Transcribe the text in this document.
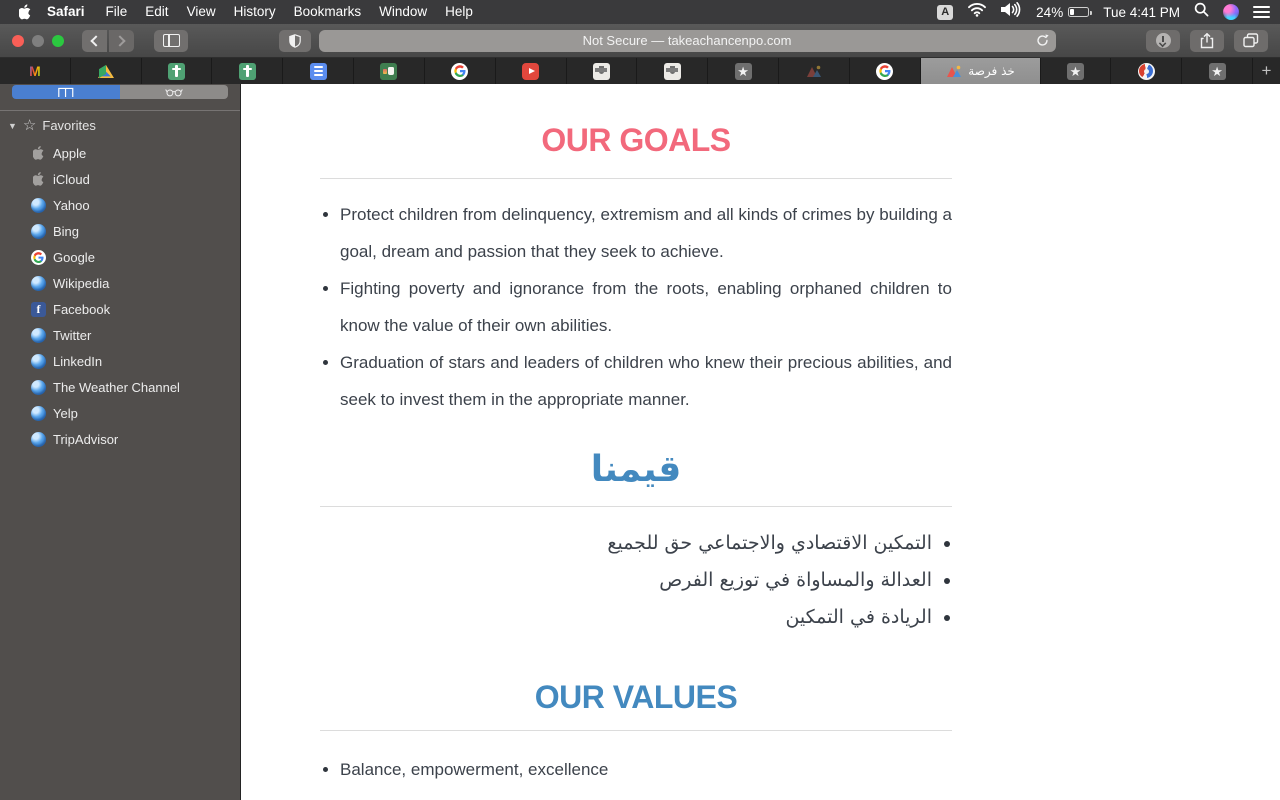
Safari	File	Edit	View	History	Bookmarks	Window	Help	A	24%	Tue 4:41 PM
Not Secure — takeachancenpo.com
M	★	خذ فرصة	★	★	+
▼ ☆ Favorites
Apple
iCloud
Yahoo
Bing
Google
Wikipedia
f Facebook
Twitter
LinkedIn
The Weather Channel
Yelp
TripAdvisor
OUR GOALS
• Protect children from delinquency, extremism and all kinds of crimes by building a goal, dream and passion that they seek to achieve.
• Fighting poverty and ignorance from the roots, enabling orphaned children to know the value of their own abilities.
• Graduation of stars and leaders of children who knew their precious abilities, and seek to invest them in the appropriate manner.
قيمنا
• التمكين الاقتصادي والاجتماعي حق للجميع
• العدالة والمساواة في توزيع الفرص
• الريادة في التمكين
OUR VALUES
• Balance, empowerment, excellence
